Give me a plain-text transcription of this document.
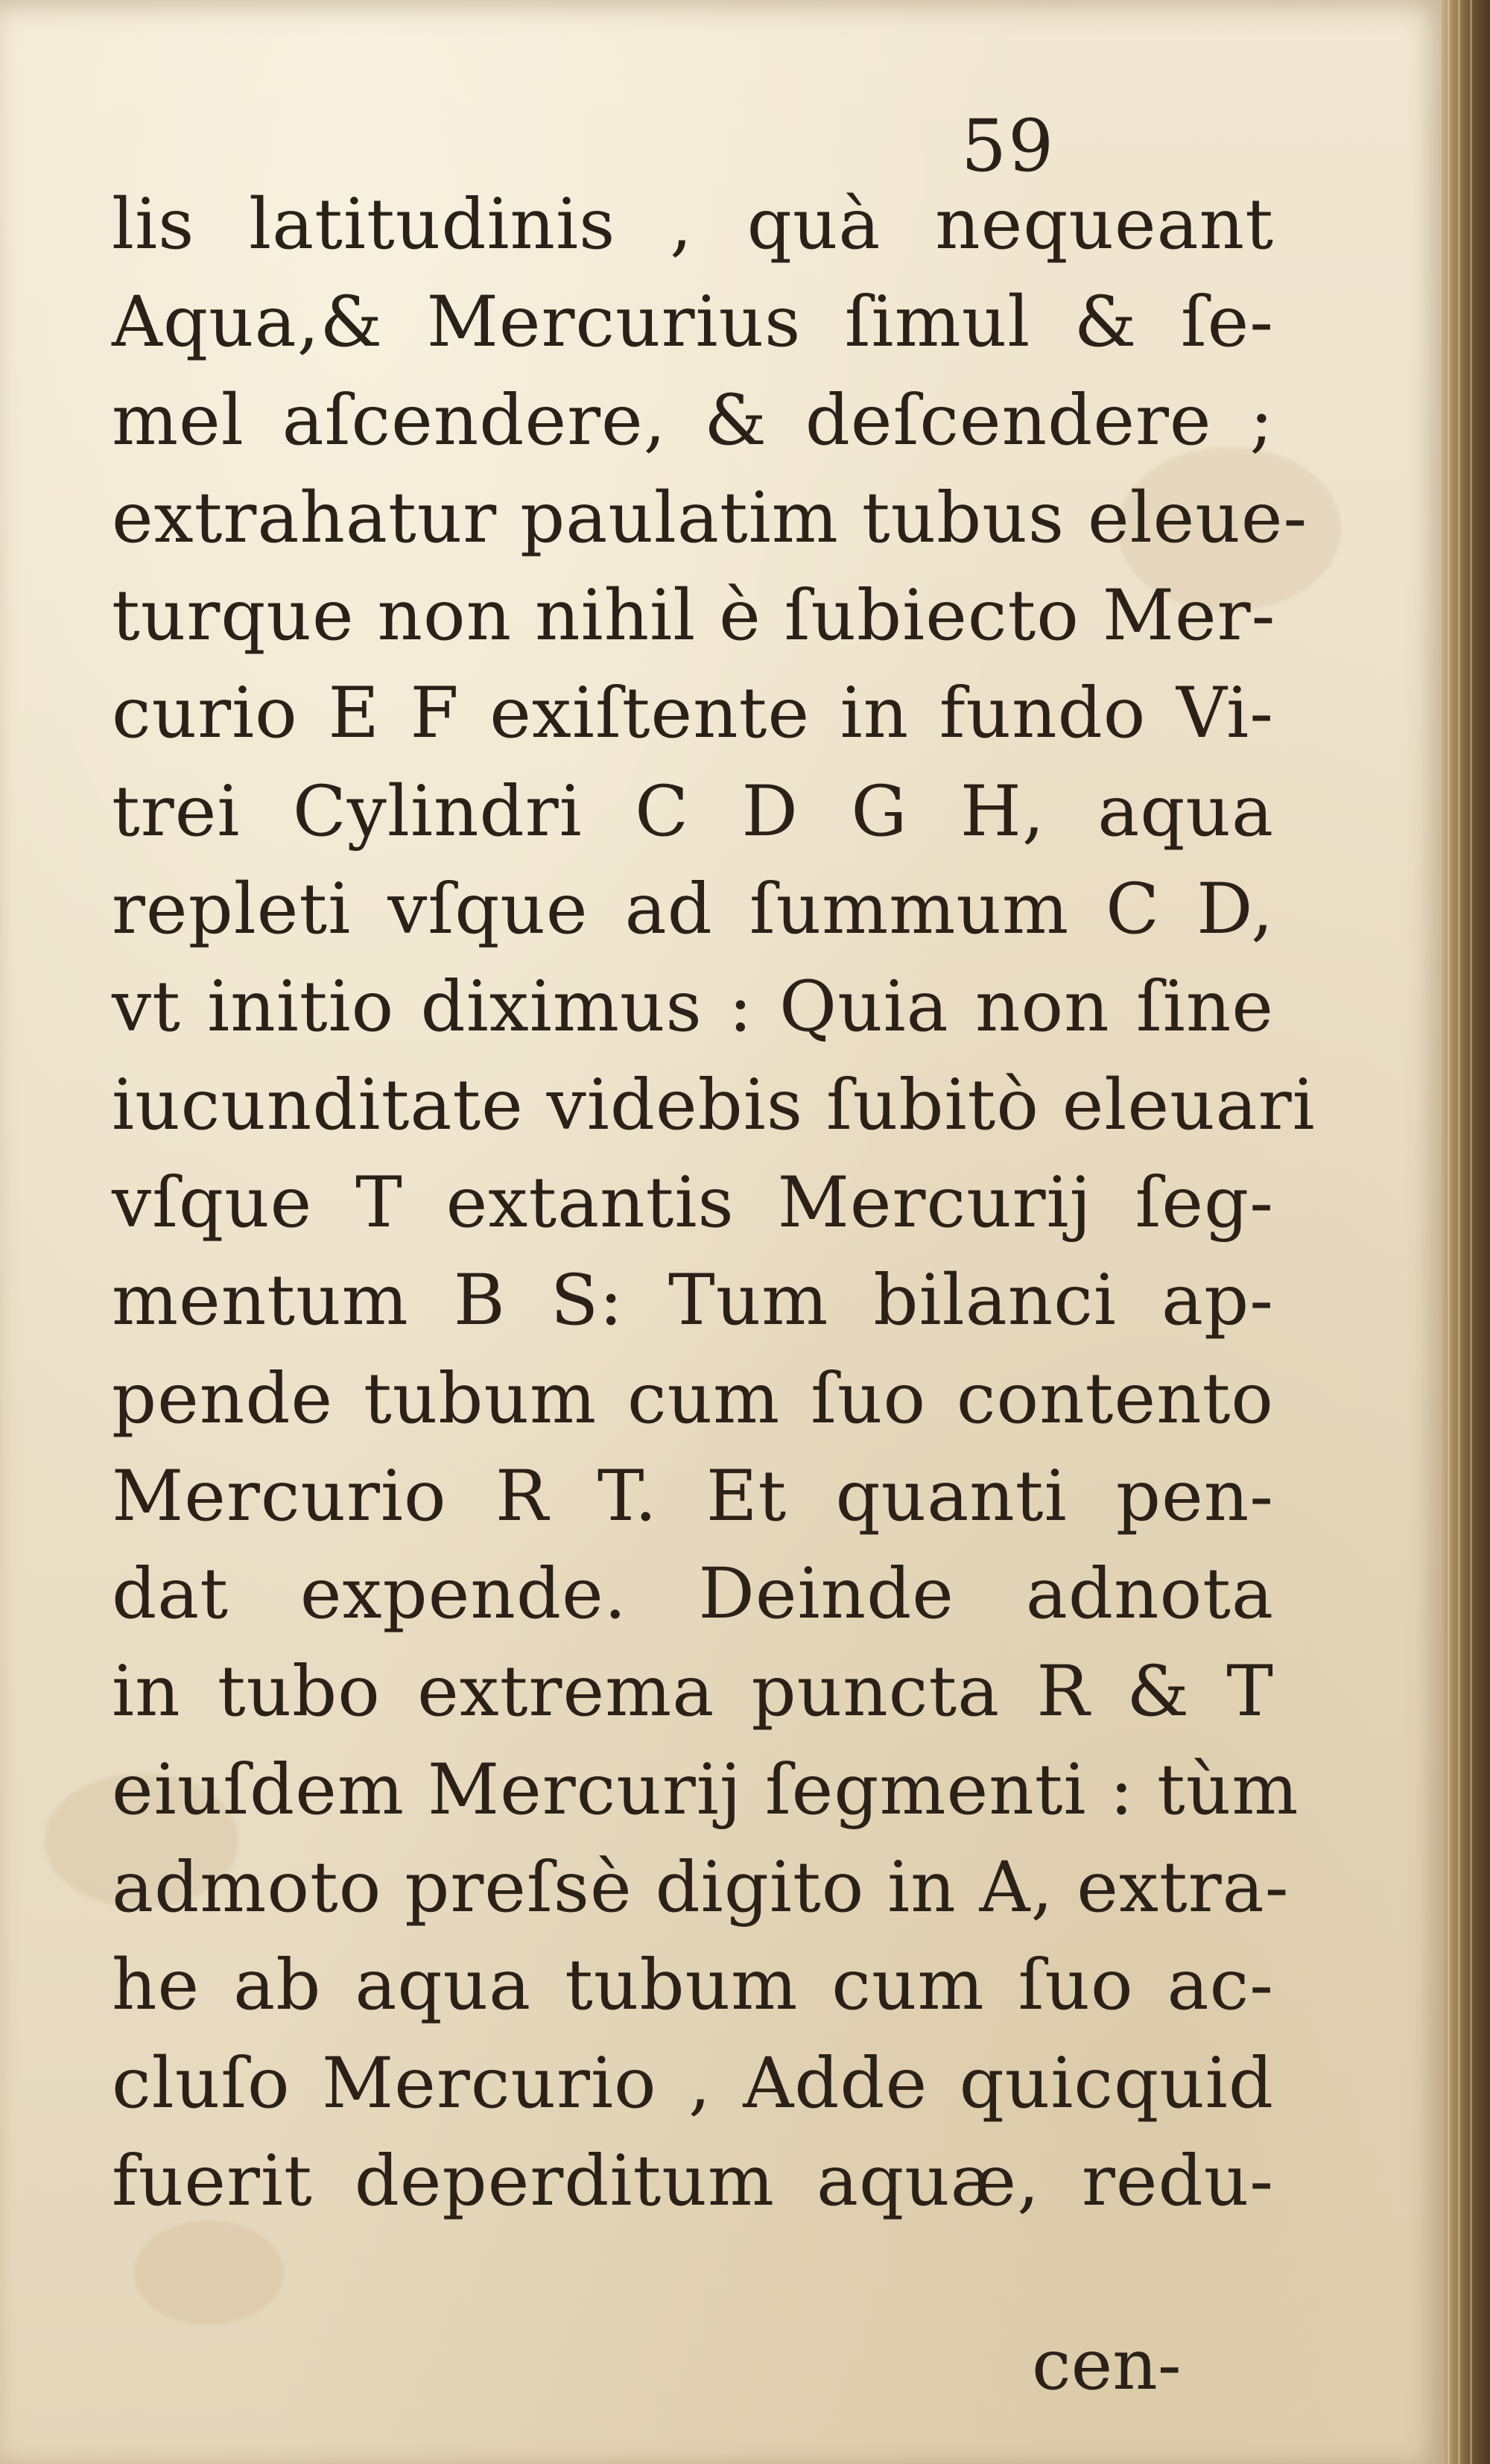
59
lis latitudinis , quà nequeant
Aqua,& Mercurius ſimul & ſe-
mel aſcendere, & deſcendere ;
extrahatur paulatim tubus eleue-
turque non nihil è ſubiecto Mer-
curio E F exiſtente in fundo Vi-
trei Cylindri C D G H, aqua
repleti vſque ad ſummum C D,
vt initio diximus : Quia non ſine
iucunditate videbis ſubitò eleuari
vſque T extantis Mercurij ſeg-
mentum B S: Tum bilanci ap-
pende tubum cum ſuo contento
Mercurio R T. Et quanti pen-
dat expende. Deinde adnota
in tubo extrema puncta R & T
eiuſdem Mercurij ſegmenti : tùm
admoto preſsè digito in A, extra-
he ab aqua tubum cum ſuo ac-
cluſo Mercurio , Adde quicquid
fuerit deperditum aquæ, redu-
cen-
